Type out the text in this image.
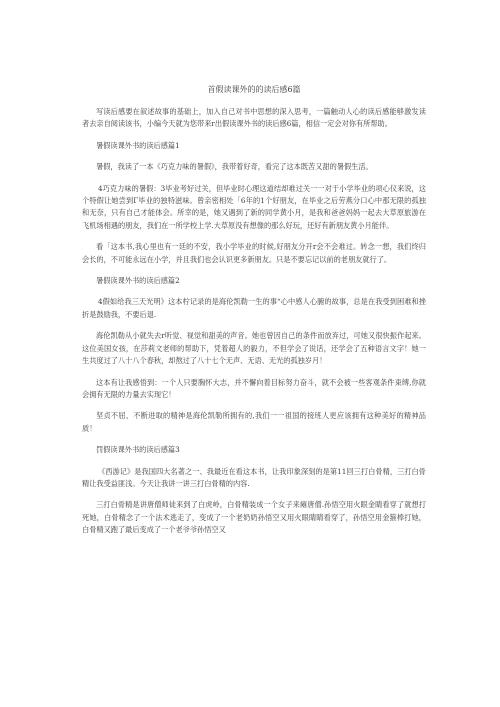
首假读课外的的读后感6篇

写读后感要在叙述故事的基础上，加入自己对书中思想的深入思考，一篇触动人心的读后感能够激发读者去亲自阅读该书，小编今天就为您带来r出假读课外书的读后感6篇，相信一定会对你有所帮助。

暑假读课外书的读后感篇1

暑假，我读了一本《巧克力味的暑假》，我带着好奇，看完了这本既苦又甜的暑假生活。

4巧克力味的暑假：3毕业考好过关，但毕业时心理这道结却难过关一一对于小学毕业的项心仪来说，这个特假让她尝到Γ毕业的独特滋味。曾亲密相处「6年的1个好朋友，在毕业之后劳燕分口心中那无限的孤独和无奈，只有自己才能体会。所幸的是，她又遇到了新的同学黄小月，是我和爸爸妈妈一起去大草原旅游在飞机场相遇的朋友，我们在一所学校上学.大草原没有想像的那么好玩，还好有新朋友黄小月能伴。

看「这本书,我心里也有一廷的不安，我小学毕业的时候,好朋友分开r会不会难过。转念一想，我们终归会长的，不可能永远在小学，并且我们也会认识更多新朋友。只是不要忘记以前的老朋友就行了。

暑假读课外书的读后感篇2

4假如给我三天光明》这本柠记录的是海伦凯勒一生的事“心中感人心腑的故事，总是在我受到困难和挫折是鼓励我，不要后退.

海伦凯勒从小就失去r听觉、视觉和甜美的声音。她也曾因自己的条件而放弃过，可她又很快振作起来。这位美国女孩，在莎莉文老师的帮助下，凭着超人的毅力，不但学会了说话，还学会了五种语言文字！她一生共度过了八十八个春秋，却熬过了八十七个无声、无语、无光的孤独岁月！

这本有让我感悟到：一个人只要胸怀大志，并不懈向着目标努力奋斗，就不会被一些客观条件束缚,你就会拥有无限的力量去实现它！

坚贞不屈、不断进取的精神是海伦凯勒所拥有的,我们一一祖国的接班人更应该拥有这种美好的精神品质！

罚假读课外书的读后感篇3

《西游记》是我国四大名著之一、我最近在看这本书，让我印象深刻的是第11回三打白骨精，三打白骨精让我受益匪浅。今天让我讲一讲三打白骨精的内容.

三打白骨精是讲唐僧师徒来到了白虎岭，白骨精装成一个女子来瘫唐僧.孙悟空用火眼金睛看穿了就想打死她，白骨精念了一个法术逃走了，变成了一个老奶奶孙悟空又用火眼睛睛看穿了，孙悟空用金箍棒打她，白骨精又跑了最后变成了一个老爷爷孙悟空又
